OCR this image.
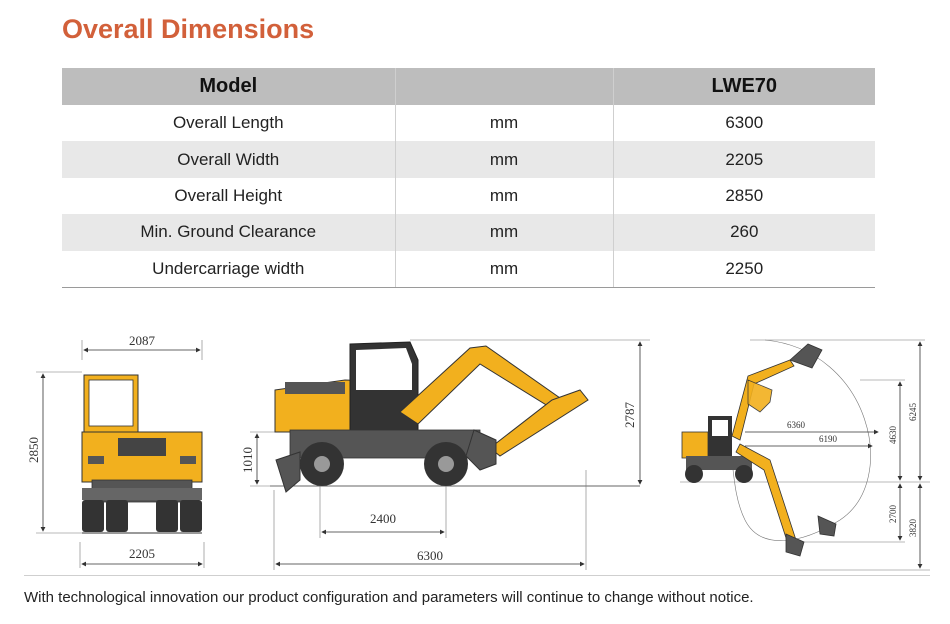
Overall Dimensions
Model		LWE70
Overall Length	mm	6300
Overall Width	mm	2205
Overall Height	mm	2850
Min. Ground Clearance	mm	260
Undercarriage width	mm	2250
2087
2850
2205
1010
2787
2400
6300
6245
4630
2700
3820
6360
6190
With technological innovation our product configuration and parameters will continue to change without notice.
